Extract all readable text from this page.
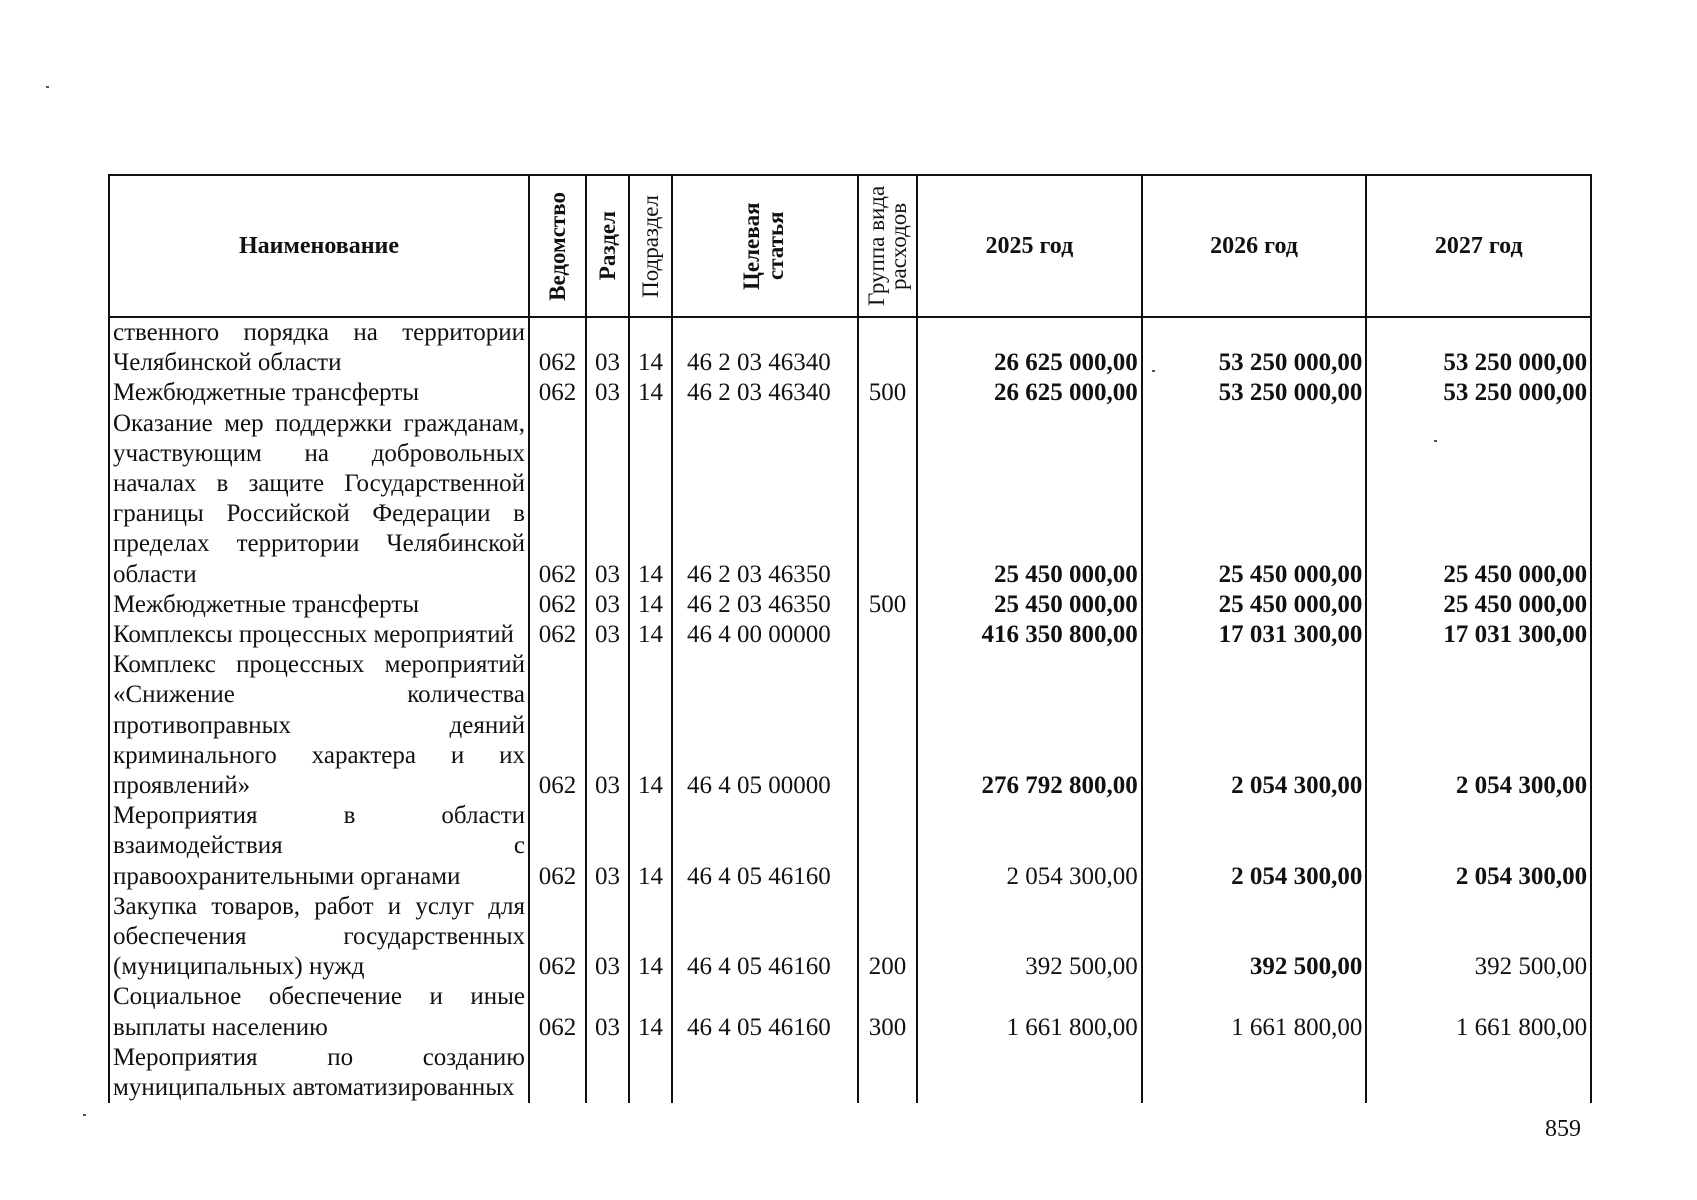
Наименование	Ведомство	Раздел	Подраздел	Целевая статья	Группа вида расходов	2025 год	2026 год	2027 год
ственного порядка на территории Челябинской области	062	03	14	46 2 03 46340		26 625 000,00	53 250 000,00	53 250 000,00
Межбюджетные трансферты	062	03	14	46 2 03 46340	500	26 625 000,00	53 250 000,00	53 250 000,00
Оказание мер поддержки гражданам, участвующим на добровольных началах в защите Государственной границы Российской Федерации в пределах территории Челябинской области	062	03	14	46 2 03 46350		25 450 000,00	25 450 000,00	25 450 000,00
Межбюджетные трансферты	062	03	14	46 2 03 46350	500	25 450 000,00	25 450 000,00	25 450 000,00
Комплексы процессных мероприятий	062	03	14	46 4 00 00000		416 350 800,00	17 031 300,00	17 031 300,00
Комплекс процессных мероприятий «Снижение количества противоправных деяний криминального характера и их проявлений»	062	03	14	46 4 05 00000		276 792 800,00	2 054 300,00	2 054 300,00
Мероприятия в области взаимодействия с правоохранительными органами	062	03	14	46 4 05 46160		2 054 300,00	2 054 300,00	2 054 300,00
Закупка товаров, работ и услуг для обеспечения государственных (муниципальных) нужд	062	03	14	46 4 05 46160	200	392 500,00	392 500,00	392 500,00
Социальное обеспечение и иные выплаты населению	062	03	14	46 4 05 46160	300	1 661 800,00	1 661 800,00	1 661 800,00
Мероприятия по созданию муниципальных автоматизированных								
859
